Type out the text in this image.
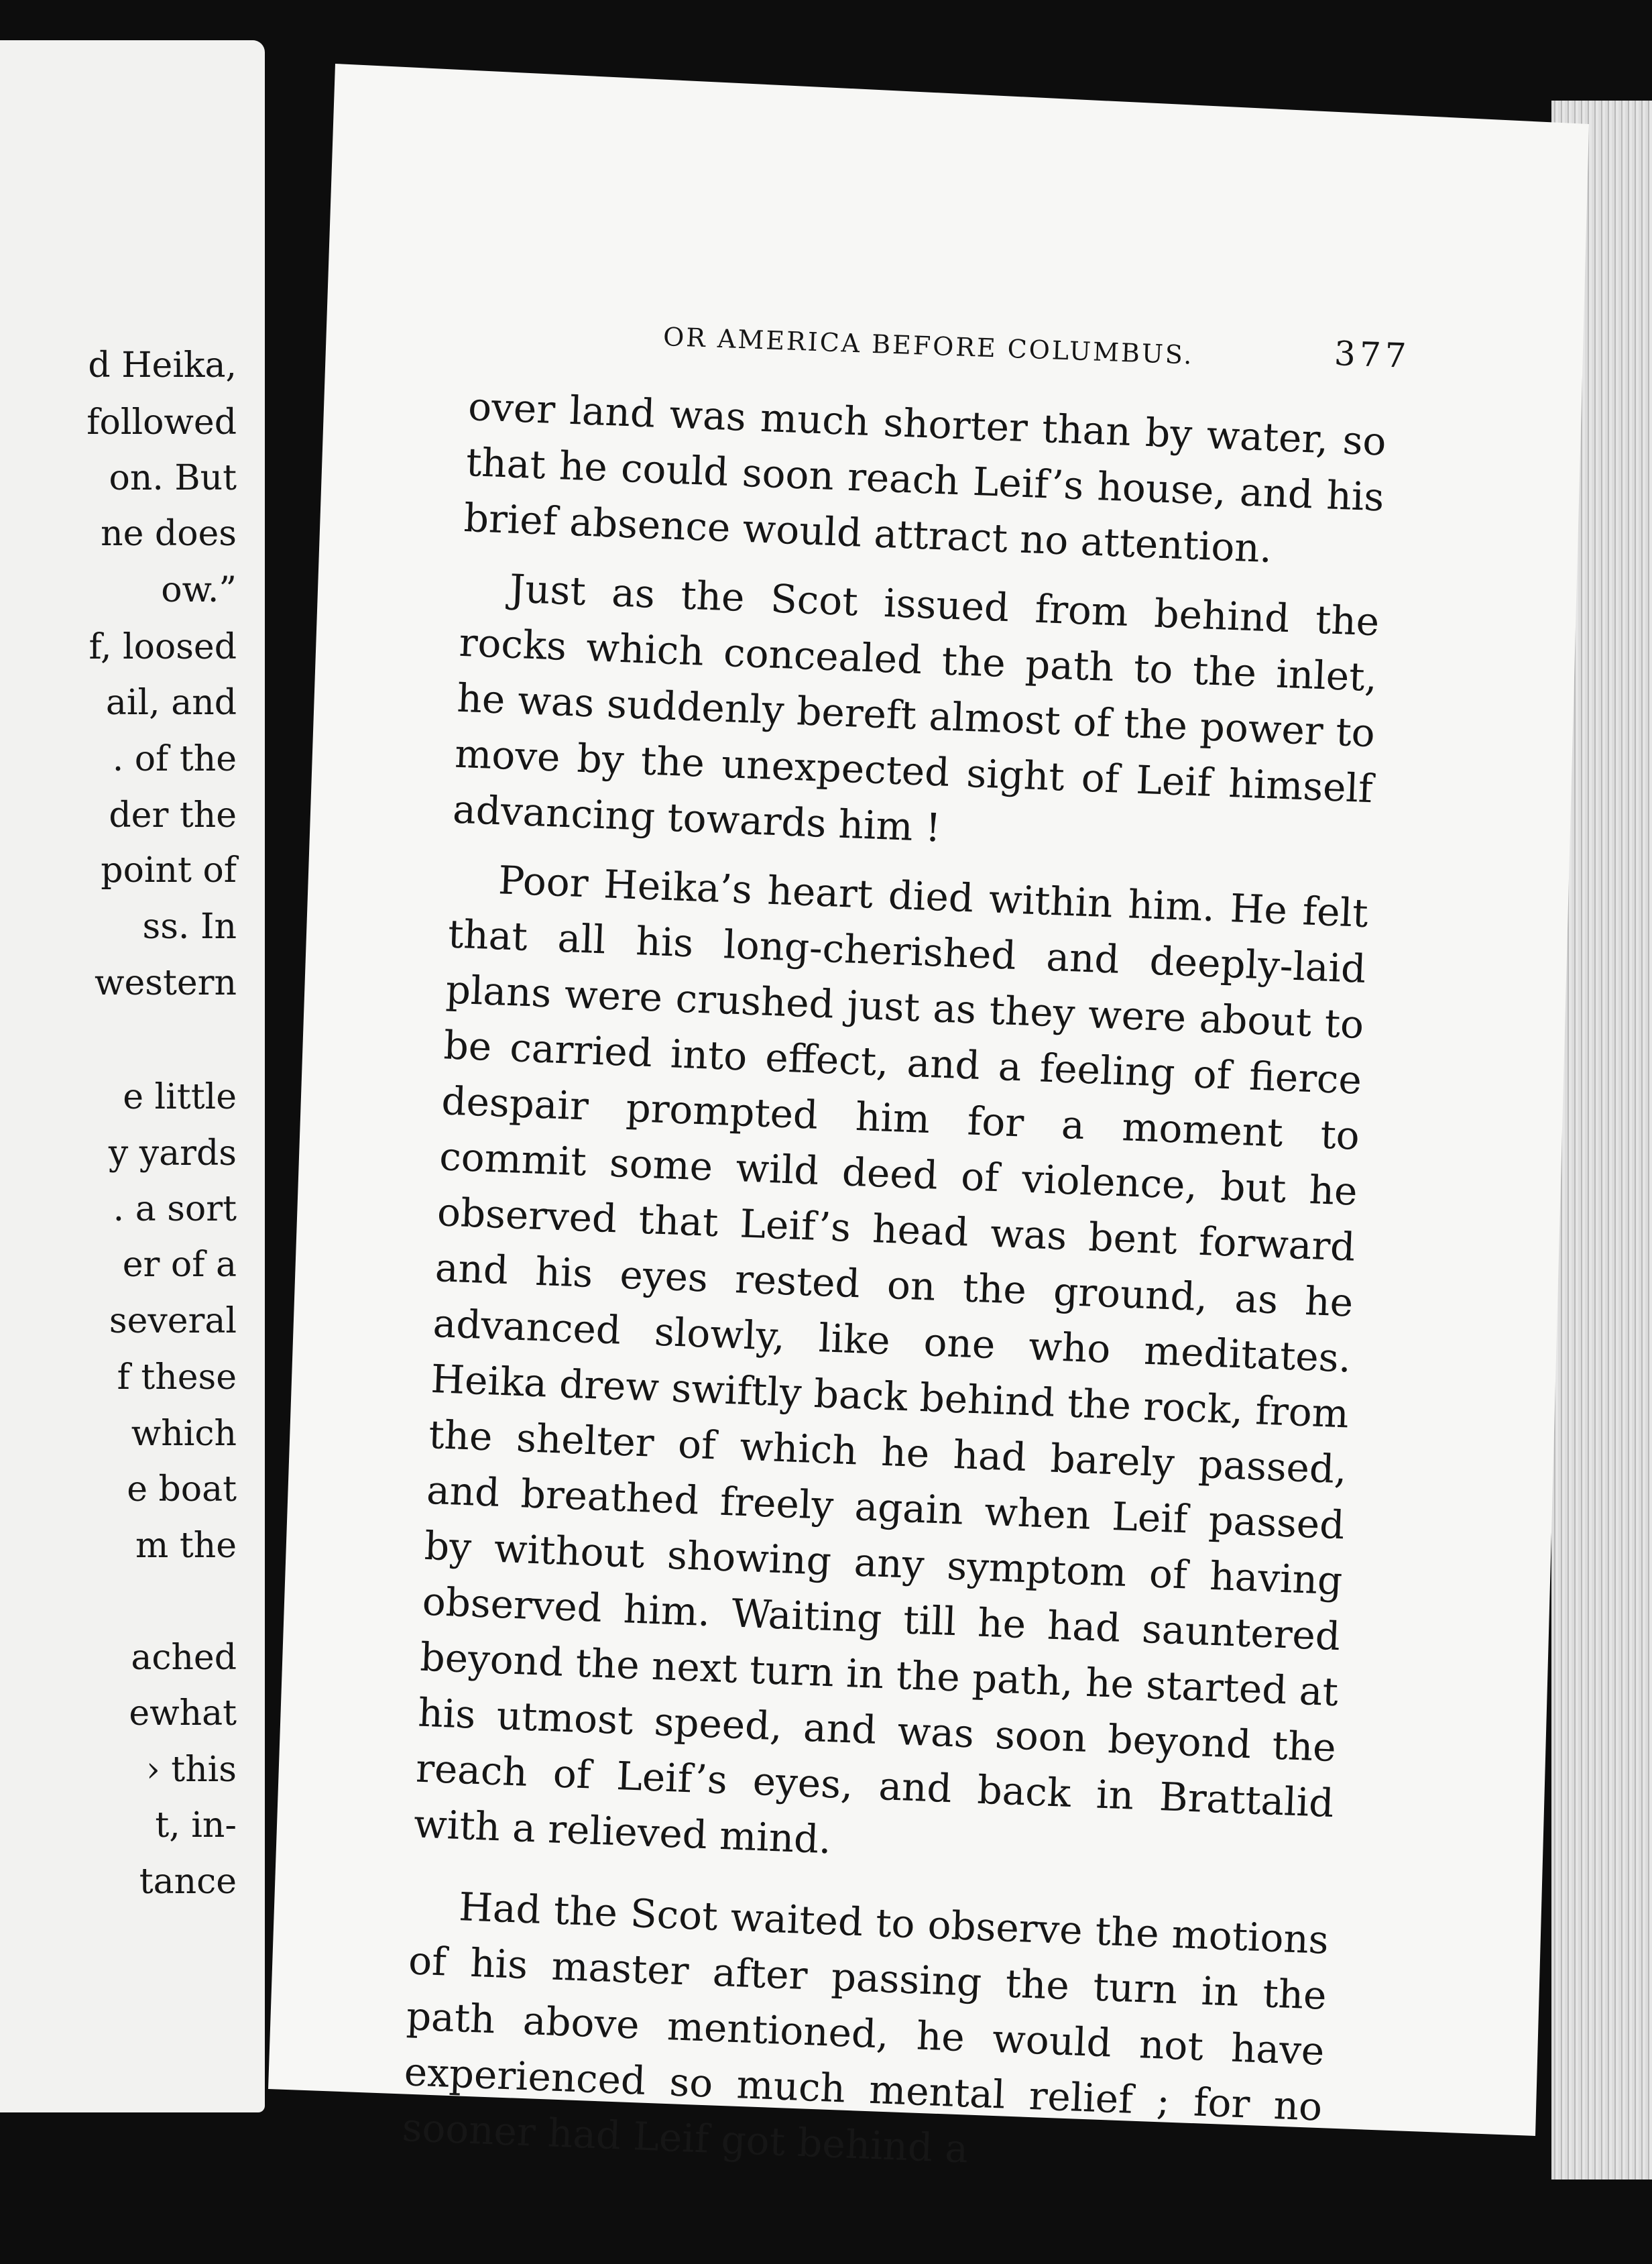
d Heika,
followed
on. But
ne does
ow.”
f, loosed
ail, and
. of the
der the
point of
ss. In
western
e little
y yards
. a sort
er of a
several
f these
which
e boat
m the
ached
ewhat
› this
t, in-
tance
OR AMERICA BEFORE COLUMBUS.	377

over land was much shorter than by water, so that he could soon reach Leif’s house, and his brief absence would attract no attention.

Just as the Scot issued from behind the rocks which concealed the path to the inlet, he was suddenly bereft almost of the power to move by the unexpected sight of Leif himself advancing towards him !

Poor Heika’s heart died within him. He felt that all his long-cherished and deeply-laid plans were crushed just as they were about to be carried into effect, and a feeling of fierce despair prompted him for a moment to commit some wild deed of violence, but he observed that Leif’s head was bent forward and his eyes rested on the ground, as he advanced slowly, like one who meditates. Heika drew swiftly back behind the rock, from the shelter of which he had barely passed, and breathed freely again when Leif passed by without showing any symptom of having observed him. Waiting till he had sauntered beyond the next turn in the path, he started at his utmost speed, and was soon beyond the reach of Leif’s eyes, and back in Brattalid with a relieved mind.

Had the Scot waited to observe the motions of his master after passing the turn in the path above mentioned, he would not have experienced so much mental relief ; for no sooner had Leif got behind a
